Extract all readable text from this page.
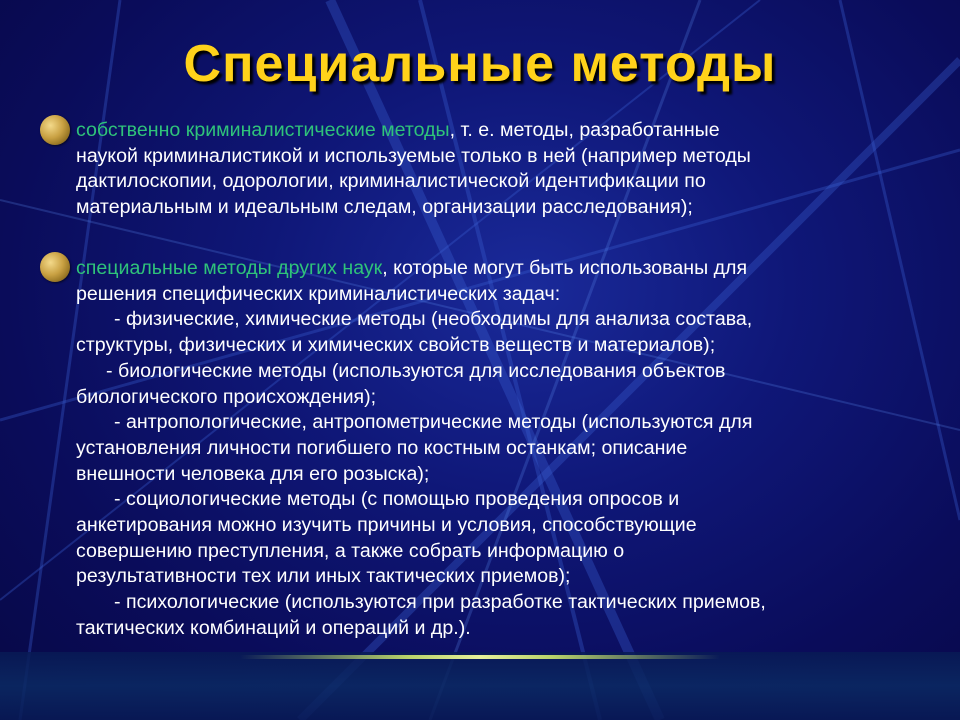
Специальные методы
собственно криминалистические методы, т. е. методы, разработанные
наукой криминалистикой и используемые только в ней (например методы
дактилоскопии, одорологии, криминалистической идентификации по
материальным и идеальным следам, организации расследования);
специальные методы других наук, которые могут быть использованы для
решения специфических криминалистических задач:
- физические, химические методы (необходимы для анализа состава,
структуры, физических и химических свойств веществ и материалов);
- биологические методы (используются для исследования объектов
биологического происхождения);
- антропологические, антропометрические методы (используются для
установления личности погибшего по костным останкам; описание
внешности человека для его розыска);
- социологические методы (с помощью проведения опросов и
анкетирования можно изучить причины и условия, способствующие
совершению преступления, а также собрать информацию о
результативности тех или иных тактических приемов);
- психологические (используются при разработке тактических приемов,
тактических комбинаций и операций и др.).
